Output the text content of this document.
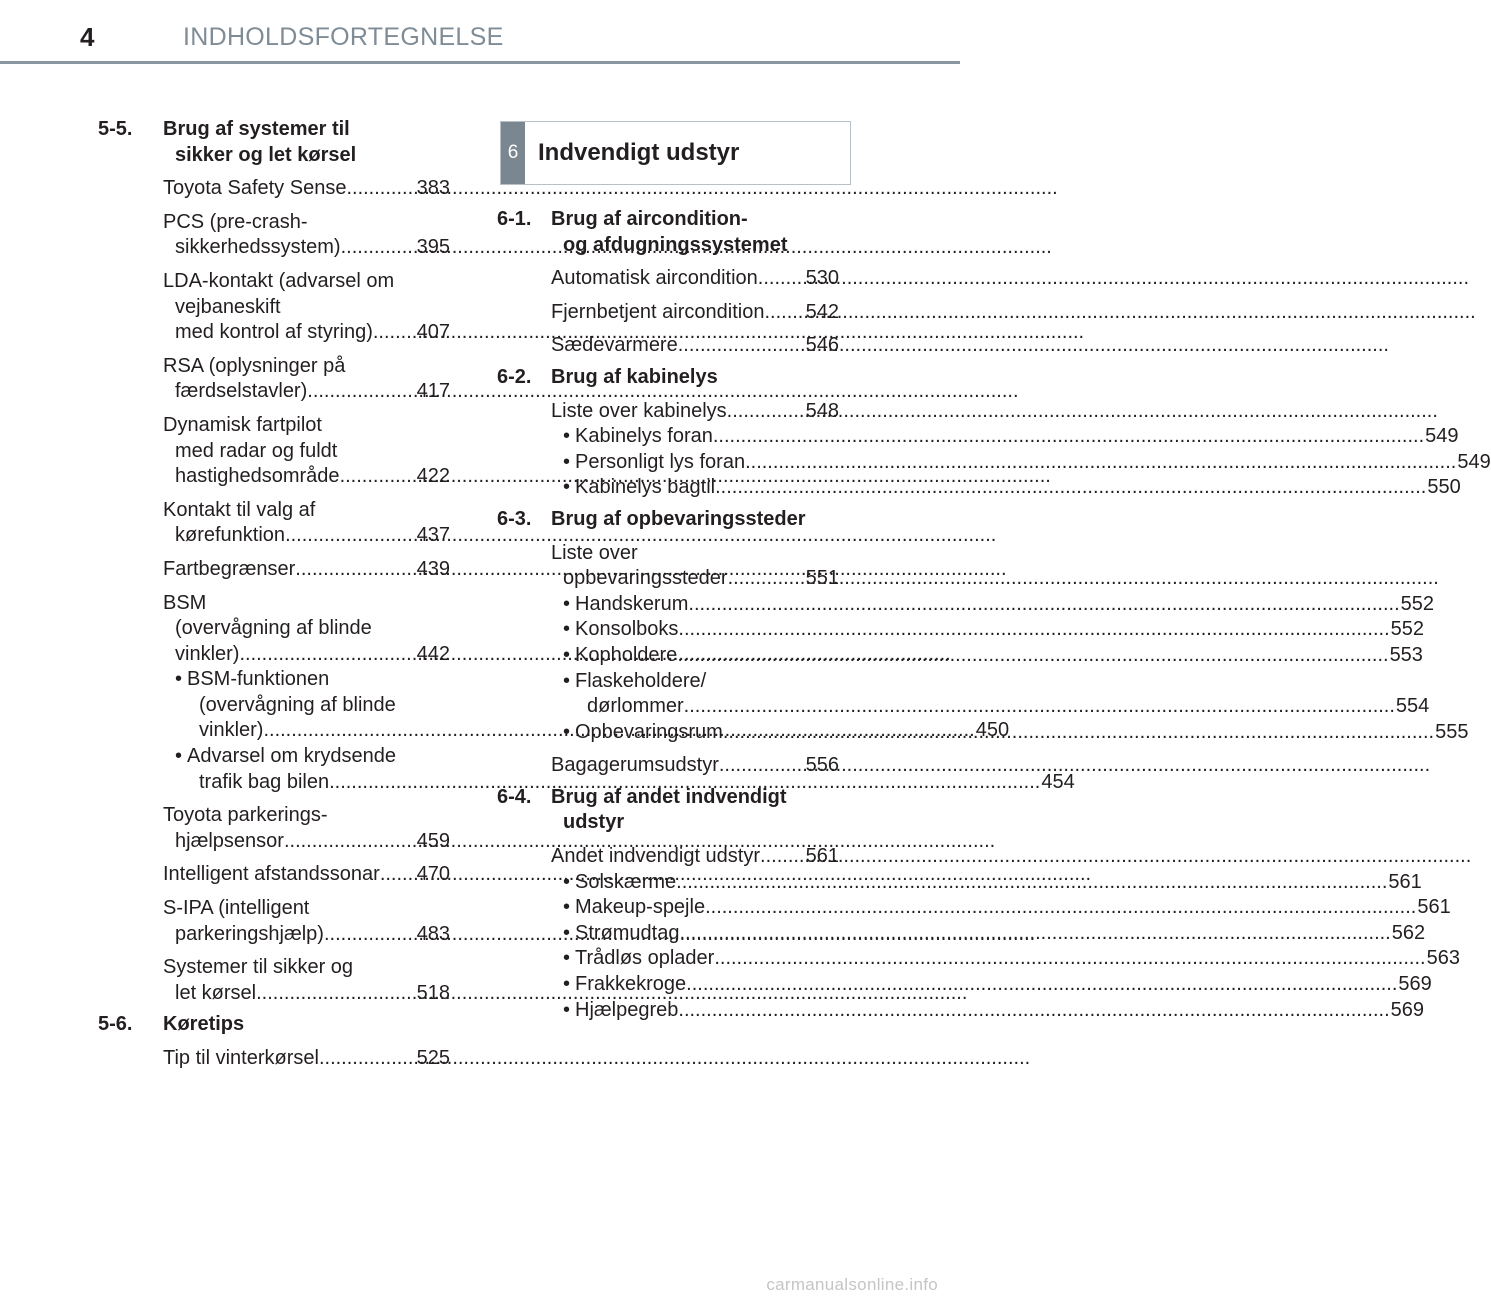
4	INDHOLDSFORTEGNELSE
5-5.	Brug af systemer til
sikker og let kørsel
Toyota Safety Sense .....	383
PCS (pre-crash-
sikkerhedssystem) .....	395
LDA-kontakt (advarsel om
vejbaneskift
med kontrol af styring) ..... 407
RSA (oplysninger på
færdselstavler) .....	417
Dynamisk fartpilot
med radar og fuldt
hastighedsområde .....	422
Kontakt til valg af
kørefunktion .....	437
Fartbegrænser .....	439
BSM
(overvågning af blinde
vinkler) .....	442
• BSM-funktionen
(overvågning af blinde
vinkler) .....	450
• Advarsel om krydsende
trafik bag bilen .....	454
Toyota parkerings-
hjælpsensor .....	459
Intelligent afstandssonar ..... 470
S-IPA (intelligent
parkeringshjælp) .....	483
Systemer til sikker og
let kørsel .....	518
5-6.	Køretips
Tip til vinterkørsel .....	525
6 Indvendigt udstyr
6-1. Brug af aircondition-
og afdugningssystemet
Automatisk aircondition ..... 530
Fjernbetjent aircondition ..... 542
Sædevarmere .....	546
6-2. Brug af kabinelys
Liste over kabinelys .....	548
• Kabinelys foran .....	549
• Personligt lys foran .....	549
• Kabinelys bagtil .....	550
6-3. Brug af opbevaringssteder
Liste over
opbevaringssteder .....	551
• Handskerum .....	552
• Konsolboks .....	552
• Kopholdere .....	553
• Flaskeholdere/
dørlommer .....	554
• Opbevaringsrum .....	555
Bagagerumsudstyr .....	556
6-4. Brug af andet indvendigt
udstyr
Andet indvendigt udstyr ..... 561
• Solskærme .....	561
• Makeup-spejle .....	561
• Strømudtag .....	562
• Trådløs oplader .....	563
• Frakkekroge .....	569
• Hjælpegreb .....	569
carmanualsonline.info
